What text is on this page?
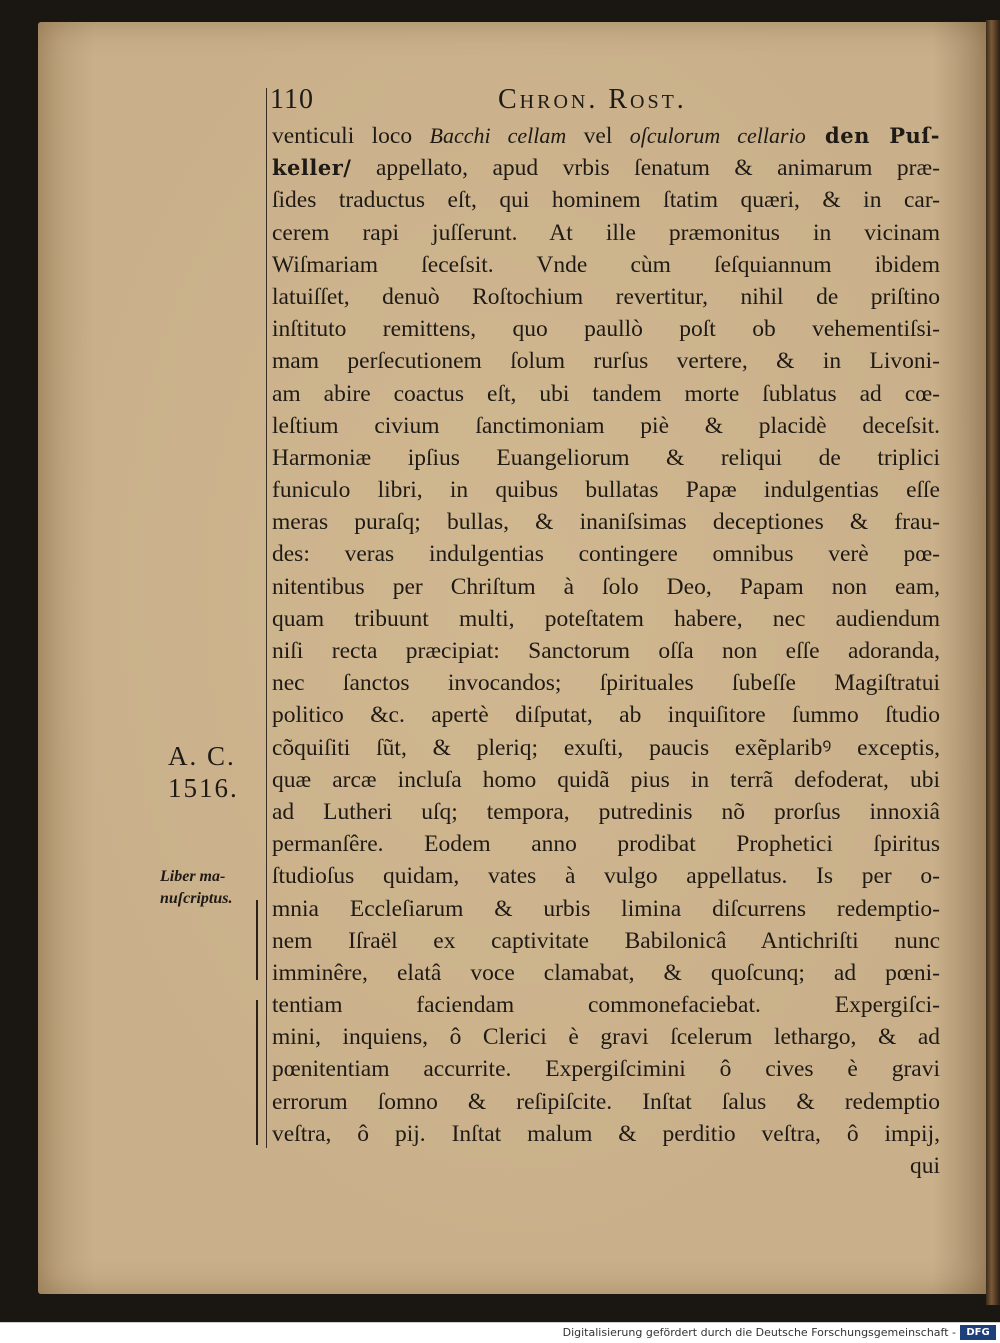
110	Chron. Rost.
A. C.
1516.
Liber ma-
nuſcriptus.
venticuli loco Bacchi cellam vel oſculorum cellario den Puſ-
keller/ appellato, apud vrbis ſenatum & animarum præ-
ſides traductus eſt, qui hominem ſtatim quæri, & in car-
cerem rapi juſſerunt. At ille præmonitus in vicinam
Wiſmariam ſeceſsit. Vnde cùm ſeſquiannum ibidem
latuiſſet, denuò Roſtochium revertitur, nihil de priſtino
inſtituto remittens, quo paullò poſt ob vehementiſsi-
mam perſecutionem ſolum rurſus vertere, & in Livoni-
am abire coactus eſt, ubi tandem morte ſublatus ad cœ-
leſtium civium ſanctimoniam piè & placidè deceſsit.
Harmoniæ ipſius Euangeliorum & reliqui de triplici
funiculo libri, in quibus bullatas Papæ indulgentias eſſe
meras puraſq; bullas, & inaniſsimas deceptiones & frau-
des: veras indulgentias contingere omnibus verè pœ-
nitentibus per Chriſtum à ſolo Deo, Papam non eam,
quam tribuunt multi, poteſtatem habere, nec audiendum
niſi recta præcipiat: Sanctorum oſſa non eſſe adoranda,
nec ſanctos invocandos; ſpirituales ſubeſſe Magiſtratui
politico &c. apertè diſputat, ab inquiſitore ſummo ſtudio
cõquiſiti ſũt, & pleriq; exuſti, paucis exẽplaribꝰ exceptis,
quæ arcæ incluſa homo quidã pius in terrã defoderat, ubi
ad Lutheri uſq; tempora, putredinis nõ prorſus innoxiâ
permanſêre. Eodem anno prodibat Prophetici ſpiritus
ſtudioſus quidam, vates à vulgo appellatus. Is per o-
mnia Eccleſiarum & urbis limina diſcurrens redemptio-
nem Iſraël ex captivitate Babilonicâ Antichriſti nunc
imminêre, elatâ voce clamabat, & quoſcunq; ad pœni-
tentiam faciendam commonefaciebat. Expergiſci-
mini, inquiens, ô Clerici è gravi ſcelerum lethargo, & ad
pœnitentiam accurrite. Expergiſcimini ô cives è gravi
errorum ſomno & reſipiſcite. Inſtat ſalus & redemptio
veſtra, ô pij. Inſtat malum & perditio veſtra, ô impij,
qui
Digitalisierung gefördert durch die Deutsche Forschungsgemeinschaft -	DFG
